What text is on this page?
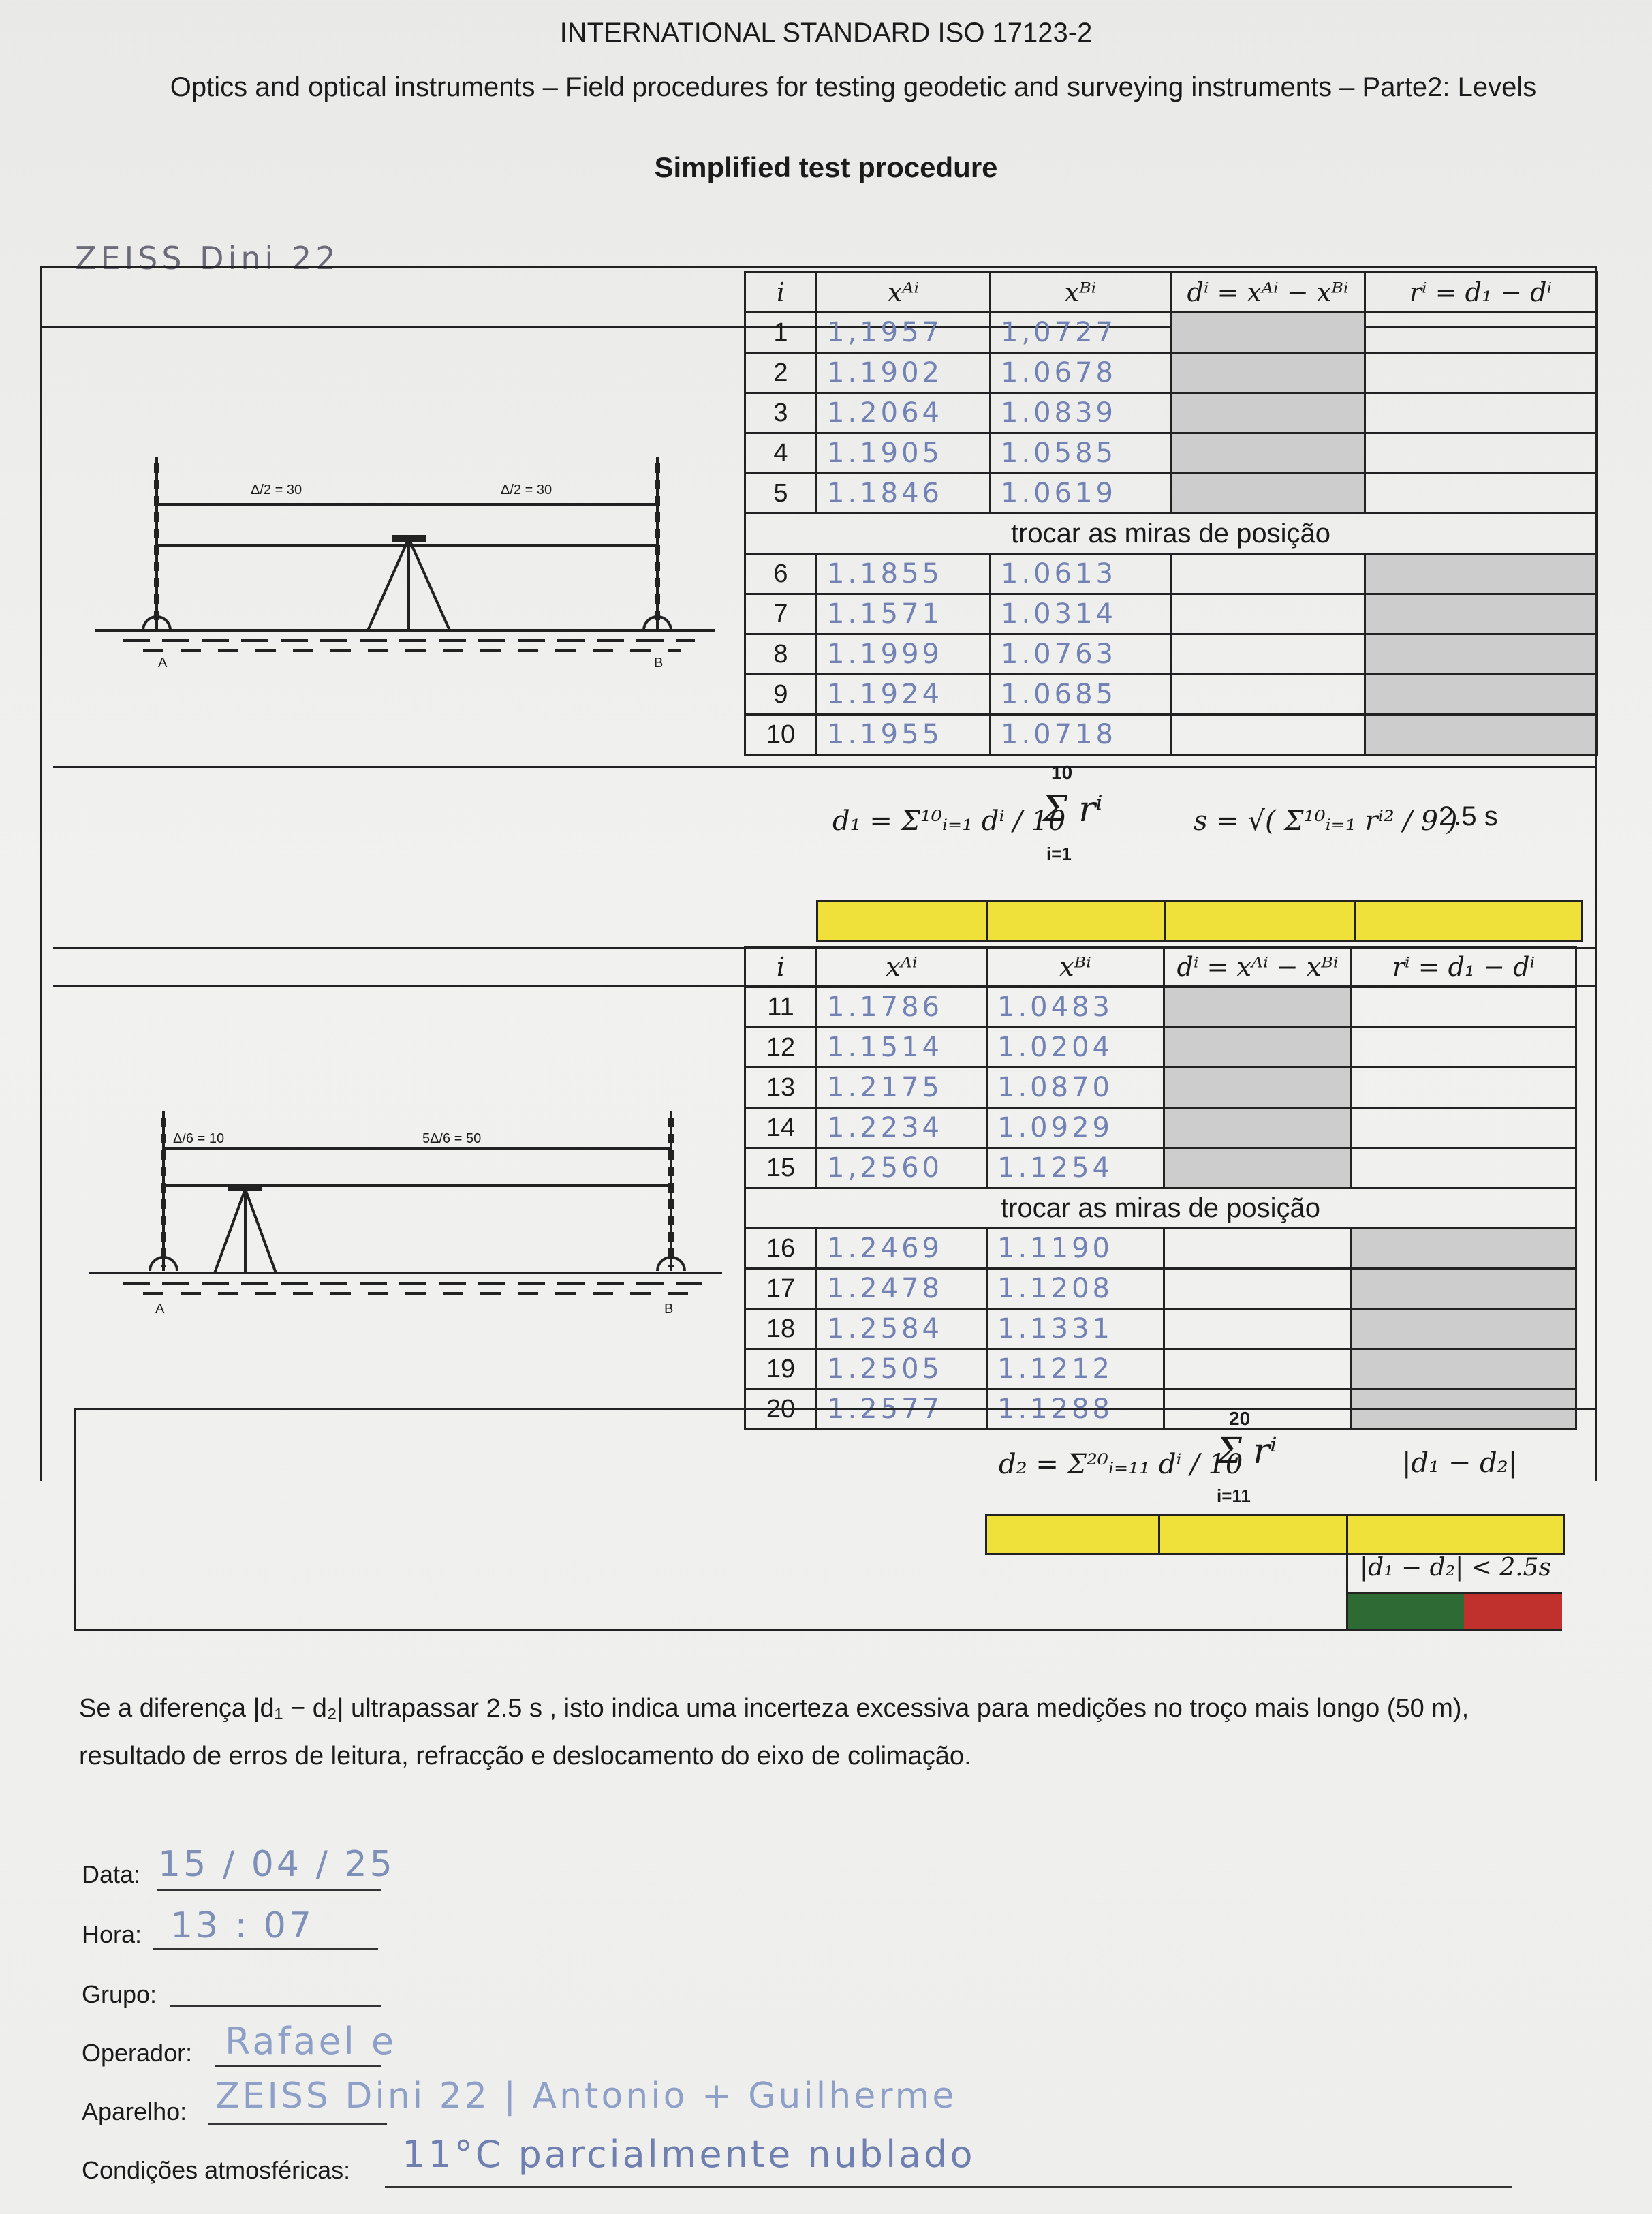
INTERNATIONAL STANDARD ISO 17123-2
Optics and optical instruments – Field procedures for testing geodetic and surveying instruments – Parte2: Levels
Simplified test procedure
ZEISS Dini 22
Δ/2 = 30	Δ/2 = 30
A	B
i	xᴬⁱ	xᴮⁱ	dⁱ = xᴬⁱ − xᴮⁱ	rⁱ = d₁ − dⁱ
1	1,1957	1,0727		
2	1.1902	1.0678		
3	1.2064	1.0839		
4	1.1905	1.0585		
5	1.1846	1.0619		
trocar as miras de posição				
6	1.1855	1.0613		
7	1.1571	1.0314		
8	1.1999	1.0763		
9	1.1924	1.0685		
10	1.1955	1.0718		
d₁ = Σ¹⁰ᵢ₌₁ dⁱ / 10
10
Σ rⁱ
i=1
s = √( Σ¹⁰ᵢ₌₁ rⁱ² / 9 )
2.5 s
Δ/6 = 10	5Δ/6 = 50
A	B
i	xᴬⁱ	xᴮⁱ	dⁱ = xᴬⁱ − xᴮⁱ	rⁱ = d₁ − dⁱ
11	1.1786	1.0483		
12	1.1514	1.0204		
13	1.2175	1.0870		
14	1.2234	1.0929		
15	1,2560	1.1254		
trocar as miras de posição				
16	1.2469	1.1190		
17	1.2478	1.1208		
18	1.2584	1.1331		
19	1.2505	1.1212		
20	1.2577	1.1288		
d₂ = Σ²⁰ᵢ₌₁₁ dⁱ / 10
20
Σ rⁱ
i=11
|d₁ − d₂|
|d₁ − d₂| < 2.5s
Se a diferença |d₁ − d₂| ultrapassar 2.5 s , isto indica uma incerteza excessiva para medições no troço mais longo (50 m),
resultado de erros de leitura, refracção e deslocamento do eixo de colimação.
Data: 15 / 04 / 25
Hora: 13 : 07
Grupo:
Operador: Rafael e
Aparelho: ZEISS Dini 22 | Antonio + Guilherme
Condições atmosféricas: 11°C parcialmente nublado
